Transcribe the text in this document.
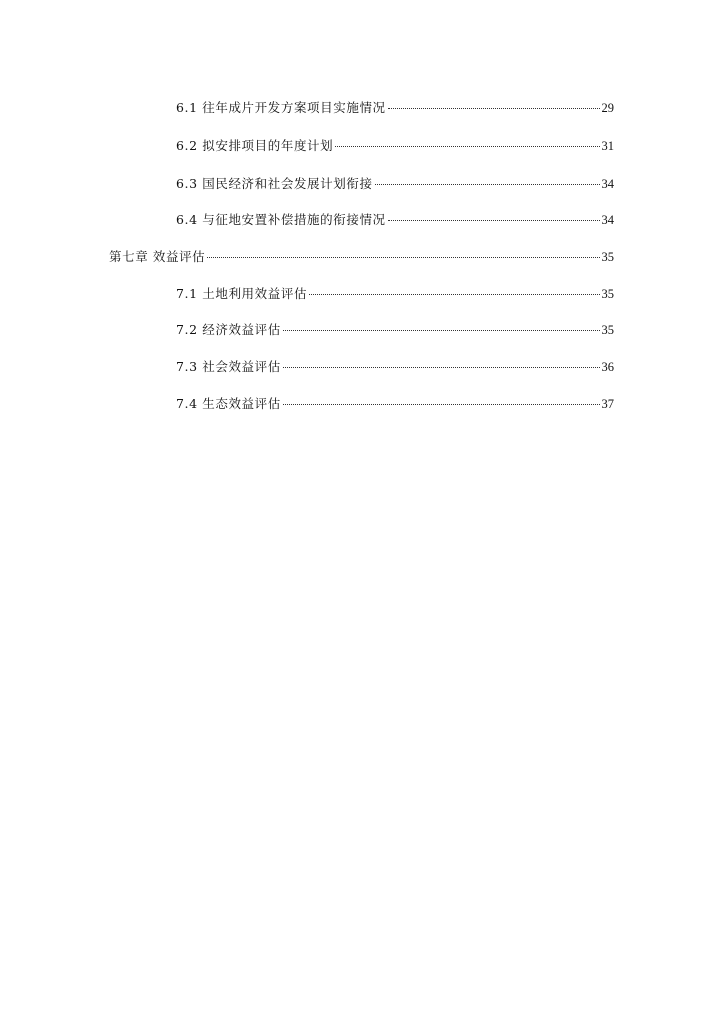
6.1 往年成片开发方案项目实施情况	29
6.2 拟安排项目的年度计划	31
6.3 国民经济和社会发展计划衔接	34
6.4 与征地安置补偿措施的衔接情况	34
第七章 效益评估	35
7.1 土地利用效益评估	35
7.2 经济效益评估	35
7.3 社会效益评估	36
7.4 生态效益评估	37
